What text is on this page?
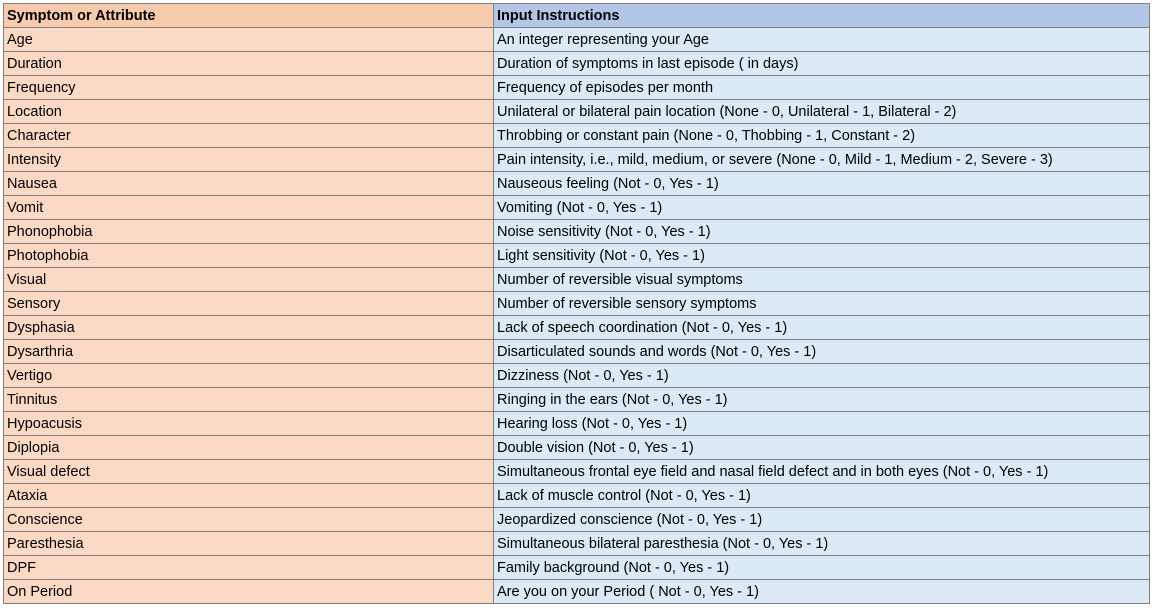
Symptom or Attribute	Input Instructions
Age	An integer representing your Age
Duration	Duration of symptoms in last episode ( in days)
Frequency	Frequency of episodes per month
Location	Unilateral or bilateral pain location (None - 0, Unilateral - 1, Bilateral - 2)
Character	Throbbing or constant pain (None - 0, Thobbing - 1, Constant - 2)
Intensity	Pain intensity, i.e., mild, medium, or severe (None - 0, Mild - 1, Medium - 2, Severe - 3)
Nausea	Nauseous feeling (Not - 0, Yes - 1)
Vomit	Vomiting (Not - 0, Yes - 1)
Phonophobia	Noise sensitivity (Not - 0, Yes - 1)
Photophobia	Light sensitivity (Not - 0, Yes - 1)
Visual	Number of reversible visual symptoms
Sensory	Number of reversible sensory symptoms
Dysphasia	Lack of speech coordination (Not - 0, Yes - 1)
Dysarthria	Disarticulated sounds and words (Not - 0, Yes - 1)
Vertigo	Dizziness (Not - 0, Yes - 1)
Tinnitus	Ringing in the ears (Not - 0, Yes - 1)
Hypoacusis	Hearing loss (Not - 0, Yes - 1)
Diplopia	Double vision (Not - 0, Yes - 1)
Visual defect	Simultaneous frontal eye field and nasal field defect and in both eyes (Not - 0, Yes - 1)
Ataxia	Lack of muscle control (Not - 0, Yes - 1)
Conscience	Jeopardized conscience (Not - 0, Yes - 1)
Paresthesia	Simultaneous bilateral paresthesia (Not - 0, Yes - 1)
DPF	Family background (Not - 0, Yes - 1)
On Period	Are you on your Period ( Not - 0, Yes - 1)
